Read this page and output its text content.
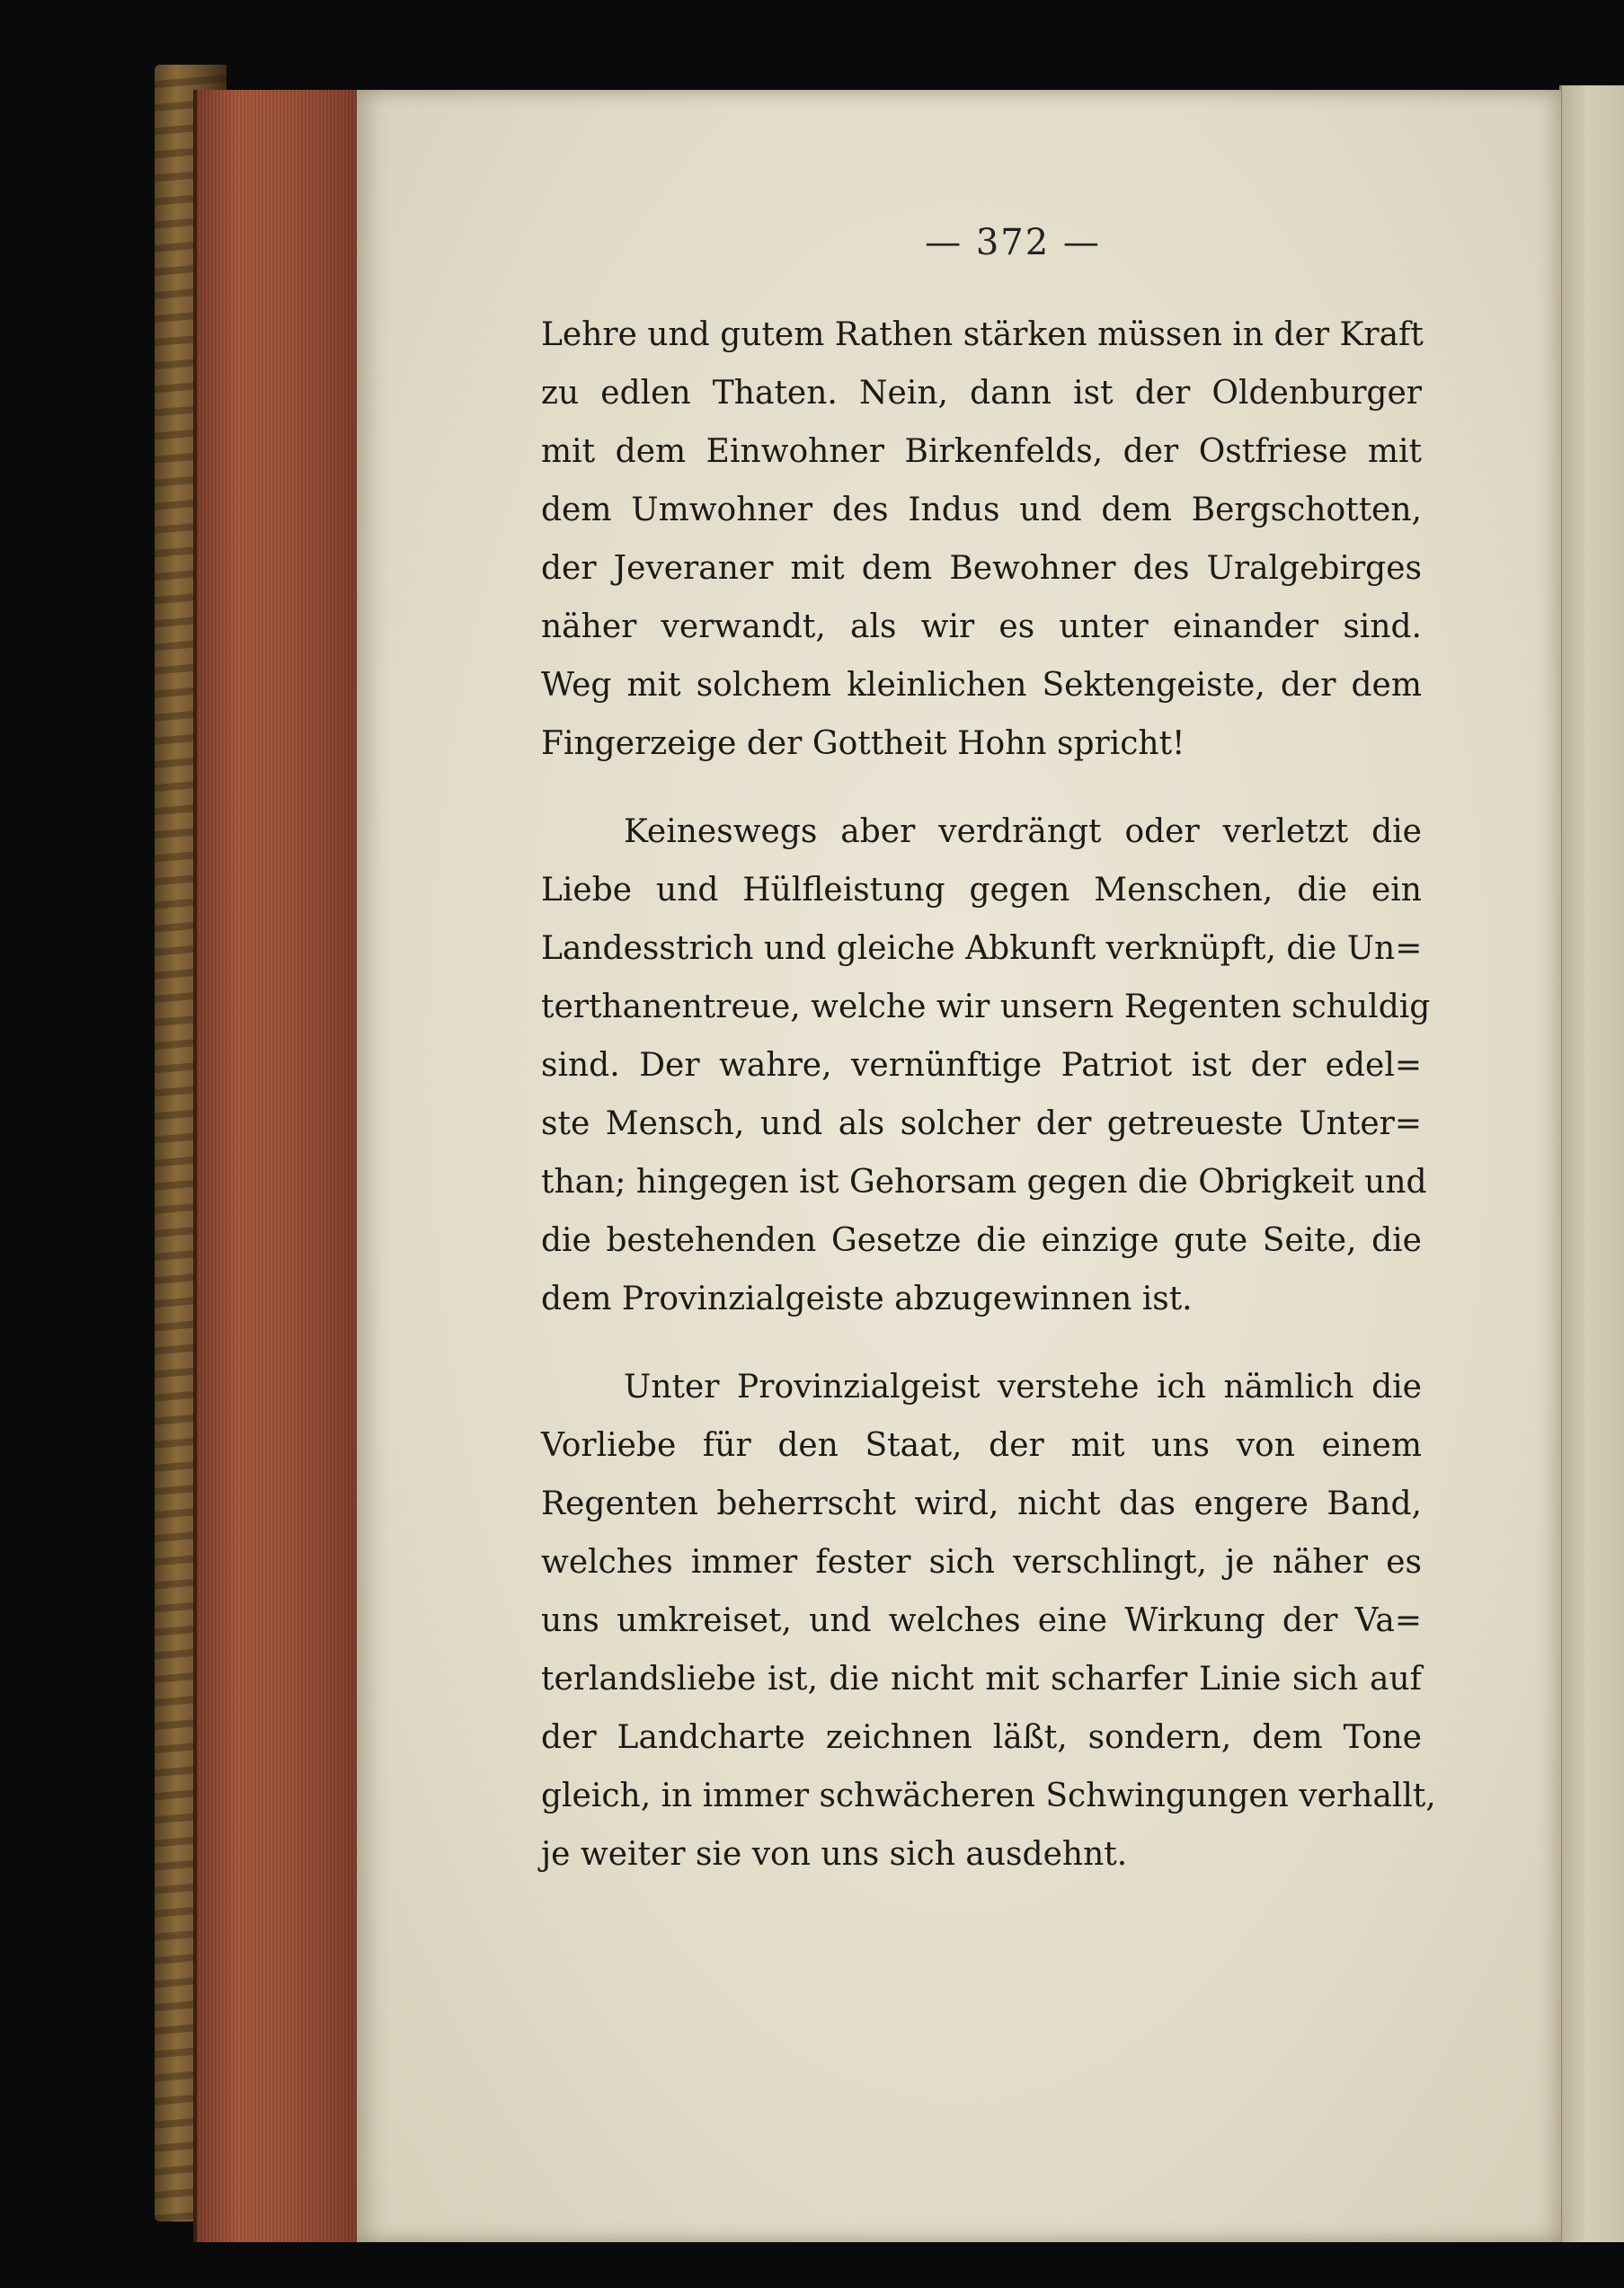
— 372 —
Lehre und gutem Rathen stärken müssen in der Kraft
zu edlen Thaten. Nein, dann ist der Oldenburger
mit dem Einwohner Birkenfelds, der Ostfriese mit
dem Umwohner des Indus und dem Bergschotten,
der Jeveraner mit dem Bewohner des Uralgebirges
näher verwandt, als wir es unter einander sind.
Weg mit solchem kleinlichen Sektengeiste, der dem
Fingerzeige der Gottheit Hohn spricht!
Keineswegs aber verdrängt oder verletzt die
Liebe und Hülfleistung gegen Menschen, die ein
Landesstrich und gleiche Abkunft verknüpft, die Un=
terthanentreue, welche wir unsern Regenten schuldig
sind. Der wahre, vernünftige Patriot ist der edel=
ste Mensch, und als solcher der getreueste Unter=
than; hingegen ist Gehorsam gegen die Obrigkeit und
die bestehenden Gesetze die einzige gute Seite, die
dem Provinzialgeiste abzugewinnen ist.
Unter Provinzialgeist verstehe ich nämlich die
Vorliebe für den Staat, der mit uns von einem
Regenten beherrscht wird, nicht das engere Band,
welches immer fester sich verschlingt, je näher es
uns umkreiset, und welches eine Wirkung der Va=
terlandsliebe ist, die nicht mit scharfer Linie sich auf
der Landcharte zeichnen läßt, sondern, dem Tone
gleich, in immer schwächeren Schwingungen verhallt,
je weiter sie von uns sich ausdehnt.
